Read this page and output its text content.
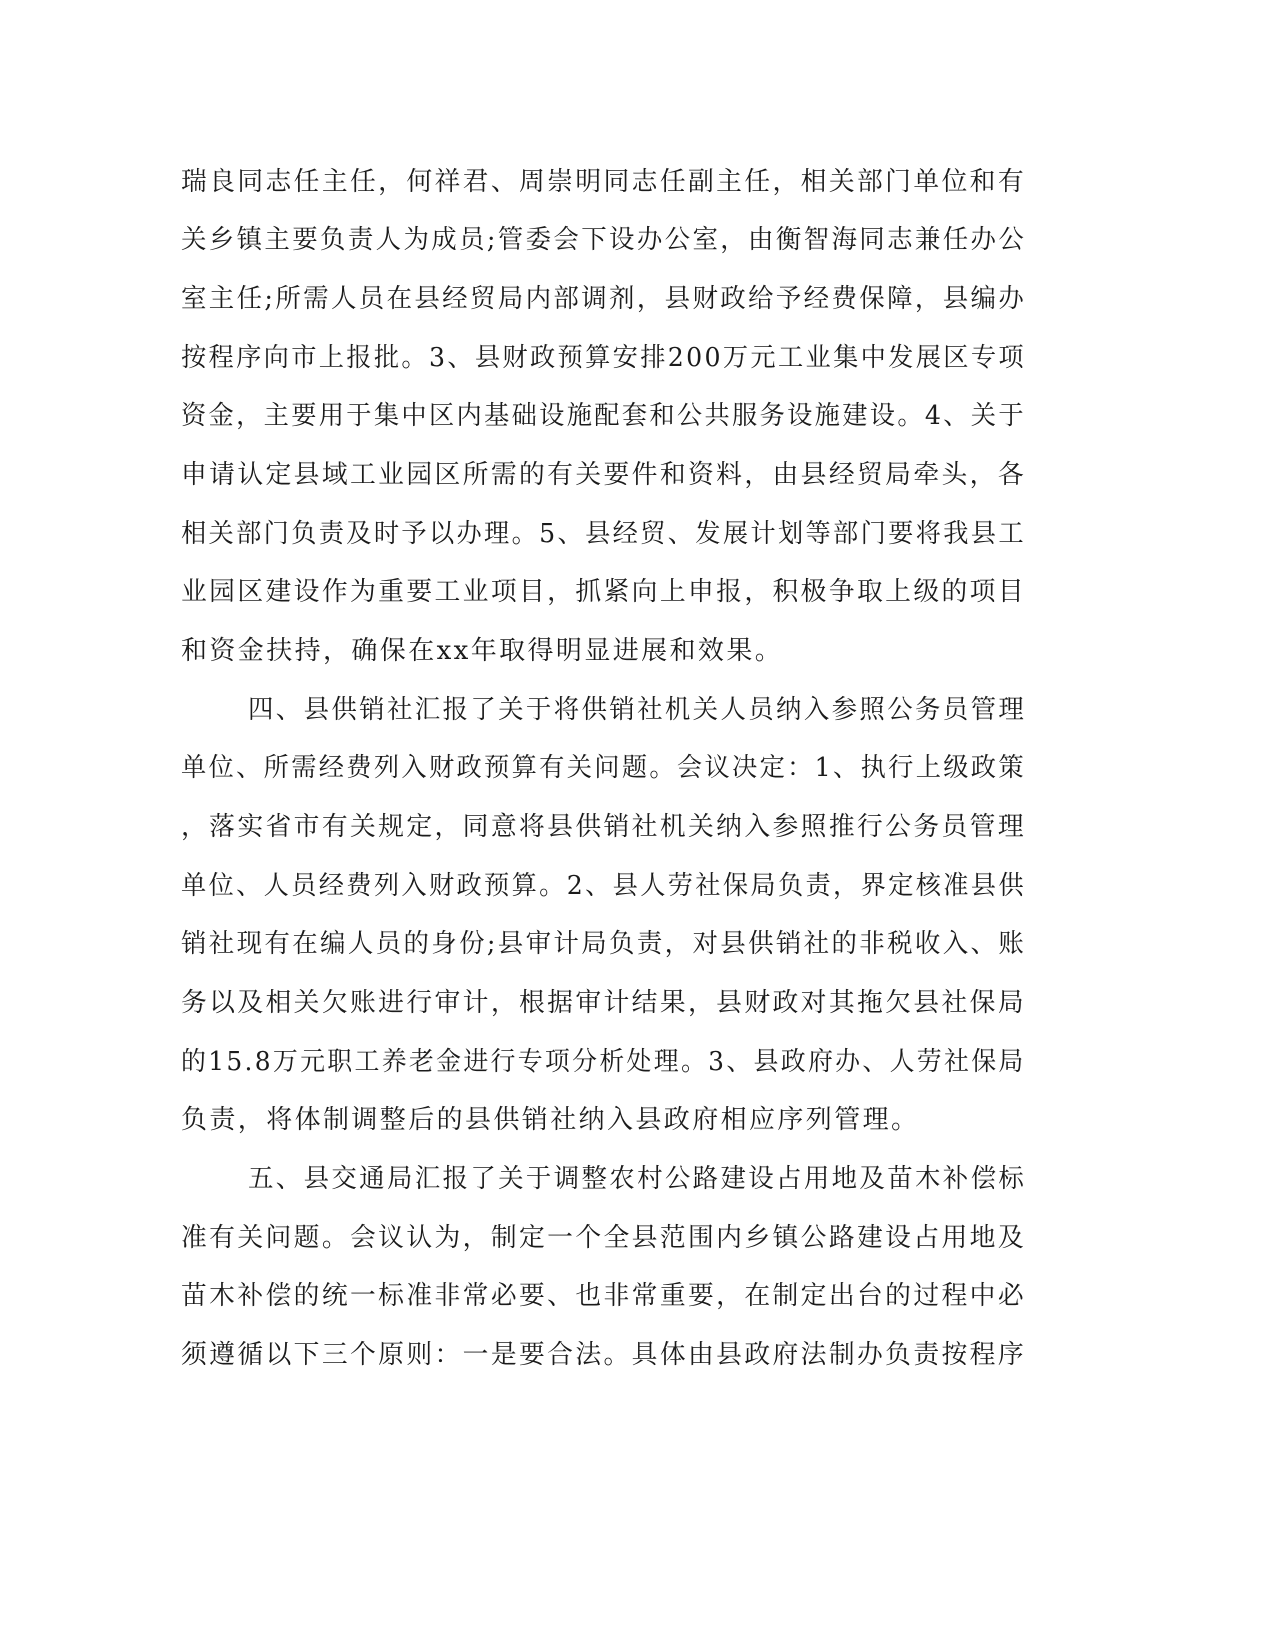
瑞良同志任主任，何祥君、周崇明同志任副主任，相关部门单位和有
关乡镇主要负责人为成员;管委会下设办公室，由衡智海同志兼任办公
室主任;所需人员在县经贸局内部调剂，县财政给予经费保障，县编办
按程序向市上报批。3、县财政预算安排200万元工业集中发展区专项
资金，主要用于集中区内基础设施配套和公共服务设施建设。4、关于
申请认定县域工业园区所需的有关要件和资料，由县经贸局牵头，各
相关部门负责及时予以办理。5、县经贸、发展计划等部门要将我县工
业园区建设作为重要工业项目，抓紧向上申报，积极争取上级的项目
和资金扶持，确保在xx年取得明显进展和效果。
四、县供销社汇报了关于将供销社机关人员纳入参照公务员管理
单位、所需经费列入财政预算有关问题。会议决定：1、执行上级政策
，落实省市有关规定，同意将县供销社机关纳入参照推行公务员管理
单位、人员经费列入财政预算。2、县人劳社保局负责，界定核准县供
销社现有在编人员的身份;县审计局负责，对县供销社的非税收入、账
务以及相关欠账进行审计，根据审计结果，县财政对其拖欠县社保局
的15.8万元职工养老金进行专项分析处理。3、县政府办、人劳社保局
负责，将体制调整后的县供销社纳入县政府相应序列管理。
五、县交通局汇报了关于调整农村公路建设占用地及苗木补偿标
准有关问题。会议认为，制定一个全县范围内乡镇公路建设占用地及
苗木补偿的统一标准非常必要、也非常重要，在制定出台的过程中必
须遵循以下三个原则：一是要合法。具体由县政府法制办负责按程序
